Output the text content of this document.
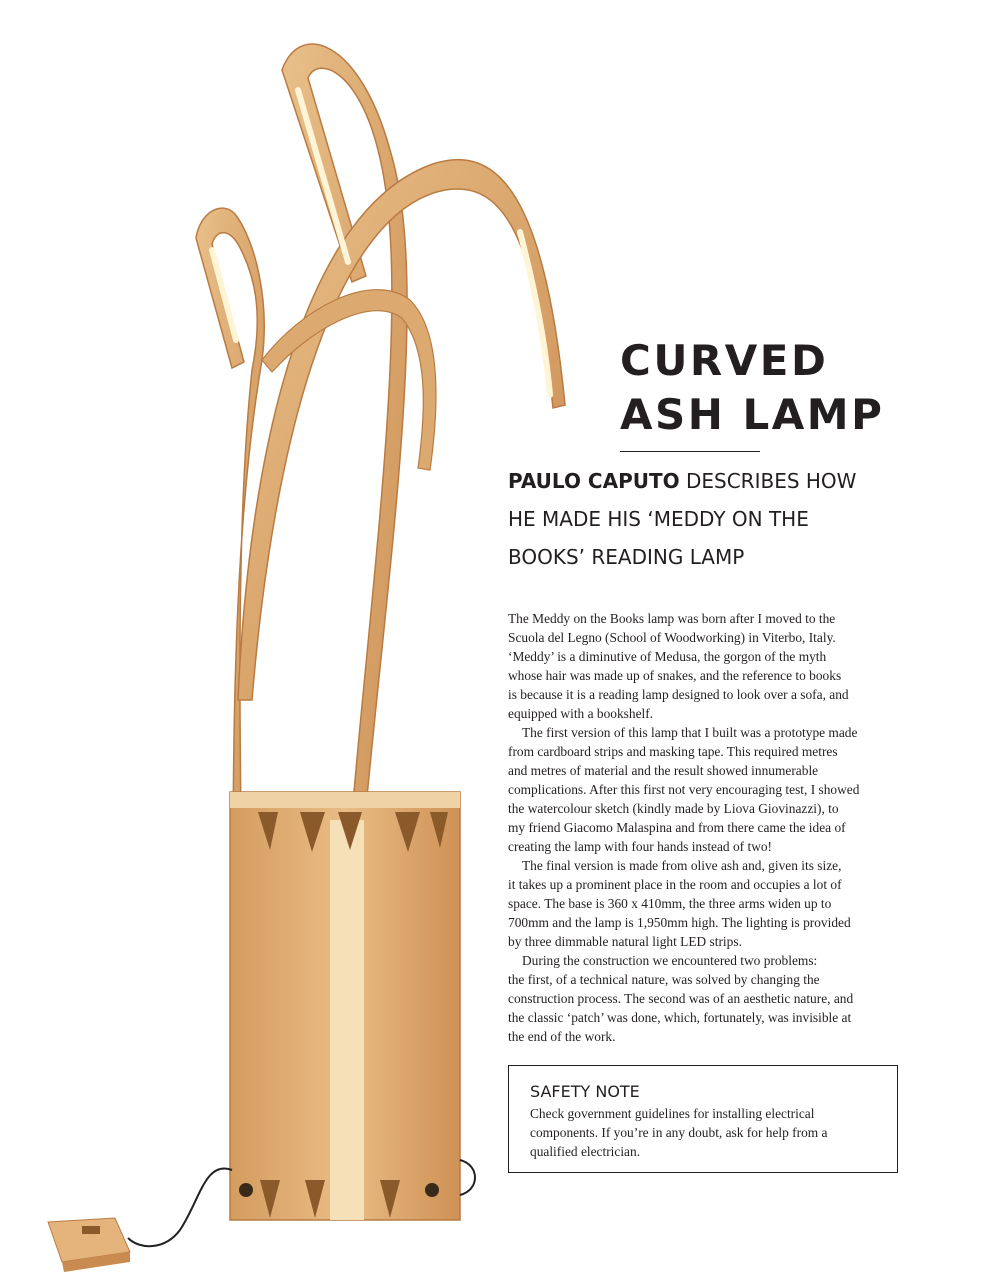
CURVED
ASH LAMP
PAULO CAPUTO DESCRIBES HOW
HE MADE HIS ‘MEDDY ON THE
BOOKS’ READING LAMP

The Meddy on the Books lamp was born after I moved to the
Scuola del Legno (School of Woodworking) in Viterbo, Italy.
‘Meddy’ is a diminutive of Medusa, the gorgon of the myth
whose hair was made up of snakes, and the reference to books
is because it is a reading lamp designed to look over a sofa, and
equipped with a bookshelf.

The first version of this lamp that I built was a prototype made
from cardboard strips and masking tape. This required metres
and metres of material and the result showed innumerable
complications. After this first not very encouraging test, I showed
the watercolour sketch (kindly made by Liova Giovinazzi), to
my friend Giacomo Malaspina and from there came the idea of
creating the lamp with four hands instead of two!

The final version is made from olive ash and, given its size,
it takes up a prominent place in the room and occupies a lot of
space. The base is 360 x 410mm, the three arms widen up to
700mm and the lamp is 1,950mm high. The lighting is provided
by three dimmable natural light LED strips.

During the construction we encountered two problems:
the first, of a technical nature, was solved by changing the
construction process. The second was of an aesthetic nature, and
the classic ‘patch’ was done, which, fortunately, was invisible at
the end of the work.

SAFETY NOTE

Check government guidelines for installing electrical
components. If you’re in any doubt, ask for help from a
qualified electrician.
